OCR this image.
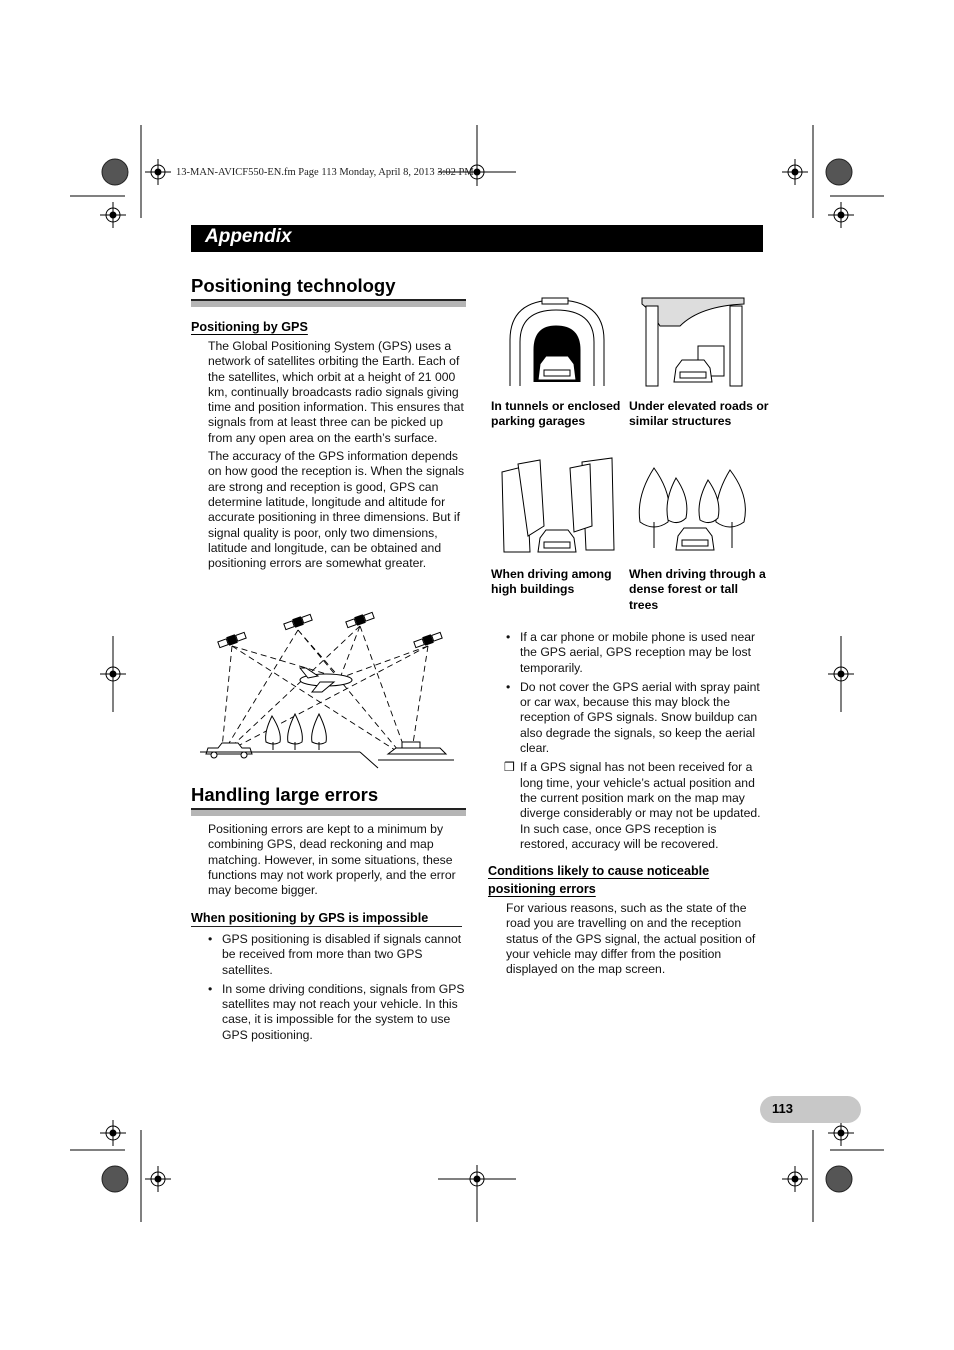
13-MAN-AVICF550-EN.fm Page 113 Monday, April 8, 2013 3:02 PM
Appendix
Positioning technology
Positioning by GPS

The Global Positioning System (GPS) uses a network of satellites orbiting the Earth. Each of the satellites, which orbit at a height of 21 000 km, continually broadcasts radio signals giving time and position information. This ensures that signals from at least three can be picked up from any open area on the earth’s surface.

The accuracy of the GPS information depends on how good the reception is. When the signals are strong and reception is good, GPS can determine latitude, longitude and altitude for accurate positioning in three dimensions. But if signal quality is poor, only two dimensions, latitude and longitude, can be obtained and positioning errors are somewhat greater.

Handling large errors

Positioning errors are kept to a minimum by combining GPS, dead reckoning and map matching. However, in some situations, these functions may not work properly, and the error may become bigger.

When positioning by GPS is impossible
• GPS positioning is disabled if signals cannot be received from more than two GPS satellites.
• In some driving conditions, signals from GPS satellites may not reach your vehicle. In this case, it is impossible for the system to use GPS positioning.
In tunnels or enclosed parking garages
Under elevated roads or similar structures
When driving among high buildings
When driving through a dense forest or tall trees
• If a car phone or mobile phone is used near the GPS aerial, GPS reception may be lost temporarily.
• Do not cover the GPS aerial with spray paint or car wax, because this may block the reception of GPS signals. Snow buildup can also degrade the signals, so keep the aerial clear.
❒ If a GPS signal has not been received for a long time, your vehicle’s actual position and the current position mark on the map may diverge considerably or may not be updated. In such case, once GPS reception is restored, accuracy will be recovered.
Conditions likely to cause noticeable positioning errors

For various reasons, such as the state of the road you are travelling on and the reception status of the GPS signal, the actual position of your vehicle may differ from the position displayed on the map screen.

113
